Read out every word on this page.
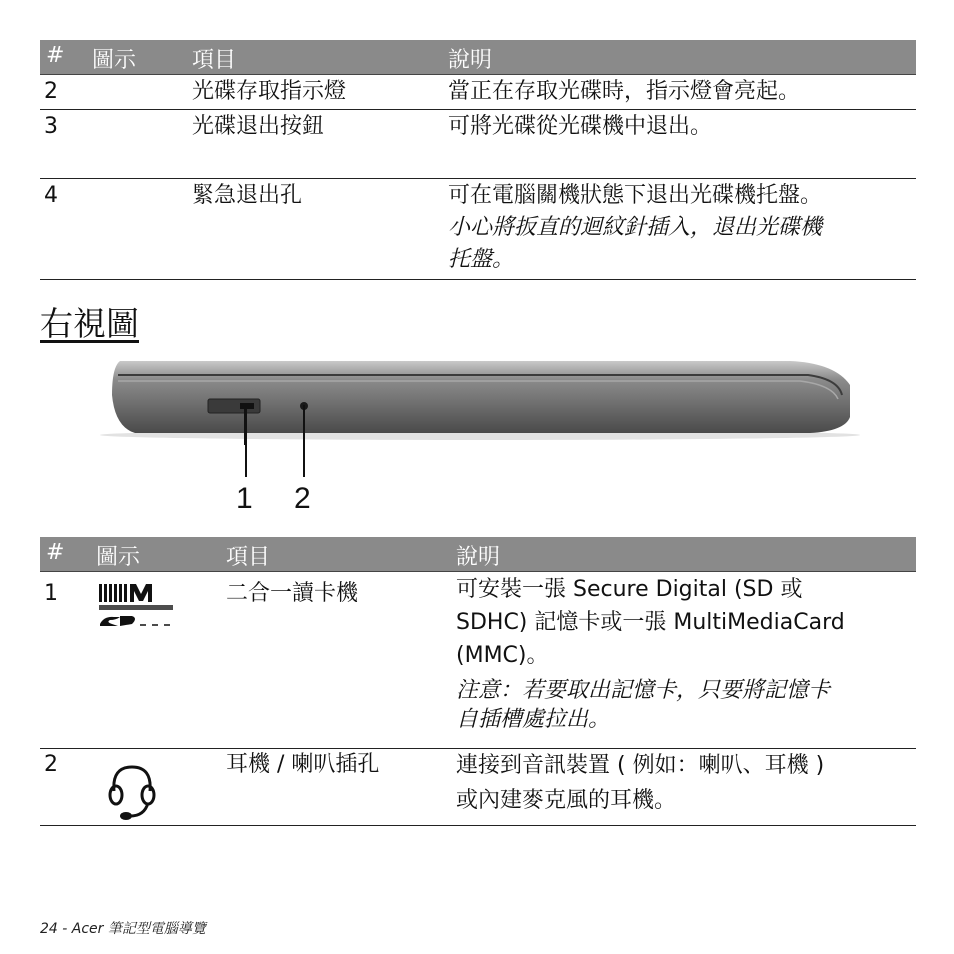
# 圖示	項目	說明
2	光碟存取指示燈	當正在存取光碟時，指示燈會亮起。
3	光碟退出按鈕	可將光碟從光碟機中退出。
4	緊急退出孔	可在電腦關機狀態下退出光碟機托盤。
小心將扳直的迴紋針插入，退出光碟機
托盤。
右視圖
1 2
# 圖示	項目	說明
1	二合一讀卡機	可安裝一張 Secure Digital (SD 或
SDHC) 記憶卡或一張 MultiMediaCard
(MMC)。
注意：若要取出記憶卡，只要將記憶卡
自插槽處拉出。
2	耳機 / 喇叭插孔	連接到音訊裝置 ( 例如：喇叭、耳機 )
或內建麥克風的耳機。
24 - Acer 筆記型電腦導覽
